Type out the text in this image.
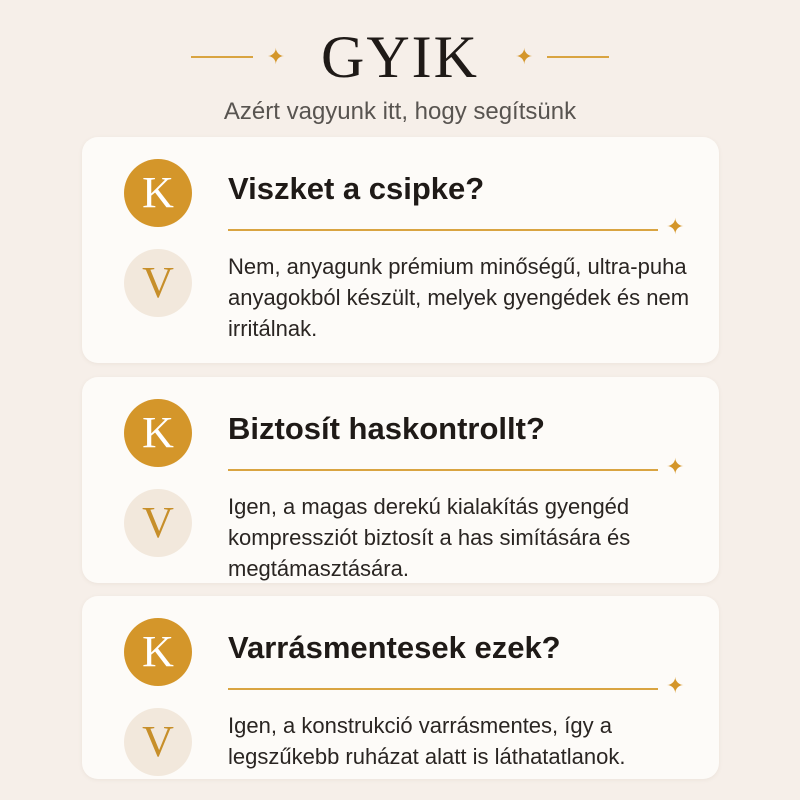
✦ GYIK ✦
Azért vagyunk itt, hogy segítsünk
K	Viszket a csipke?
✦
V	Nem, anyagunk prémium minőségű, ultra-puha anyagokból készült, melyek gyengédek és nem irritálnak.
K	Biztosít haskontrollt?
✦
V	Igen, a magas derekú kialakítás gyengéd kompressziót biztosít a has simítására és megtámasztására.
K	Varrásmentesek ezek?
✦
V	Igen, a konstrukció varrásmentes, így a legszűkebb ruházat alatt is láthatatlanok.
